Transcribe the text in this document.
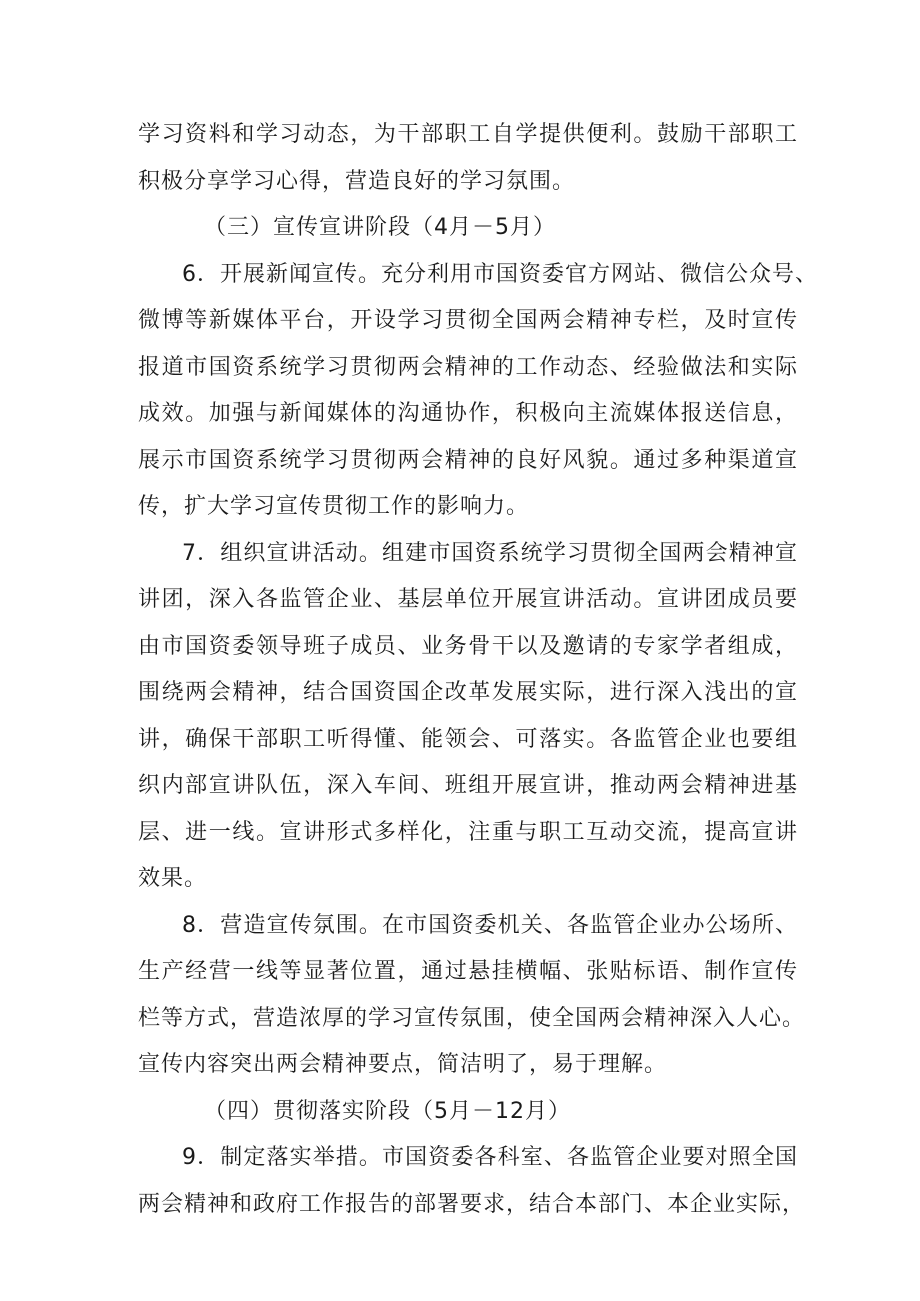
学习资料和学习动态，为干部职工自学提供便利。鼓励干部职工
积极分享学习心得，营造良好的学习氛围。
（三）宣传宣讲阶段（4月－5月）
6．开展新闻宣传。充分利用市国资委官方网站、微信公众号、
微博等新媒体平台，开设学习贯彻全国两会精神专栏，及时宣传
报道市国资系统学习贯彻两会精神的工作动态、经验做法和实际
成效。加强与新闻媒体的沟通协作，积极向主流媒体报送信息，
展示市国资系统学习贯彻两会精神的良好风貌。通过多种渠道宣
传，扩大学习宣传贯彻工作的影响力。
7．组织宣讲活动。组建市国资系统学习贯彻全国两会精神宣
讲团，深入各监管企业、基层单位开展宣讲活动。宣讲团成员要
由市国资委领导班子成员、业务骨干以及邀请的专家学者组成，
围绕两会精神，结合国资国企改革发展实际，进行深入浅出的宣
讲，确保干部职工听得懂、能领会、可落实。各监管企业也要组
织内部宣讲队伍，深入车间、班组开展宣讲，推动两会精神进基
层、进一线。宣讲形式多样化，注重与职工互动交流，提高宣讲
效果。
8．营造宣传氛围。在市国资委机关、各监管企业办公场所、
生产经营一线等显著位置，通过悬挂横幅、张贴标语、制作宣传
栏等方式，营造浓厚的学习宣传氛围，使全国两会精神深入人心。
宣传内容突出两会精神要点，简洁明了，易于理解。
（四）贯彻落实阶段（5月－12月）
9．制定落实举措。市国资委各科室、各监管企业要对照全国
两会精神和政府工作报告的部署要求，结合本部门、本企业实际，
